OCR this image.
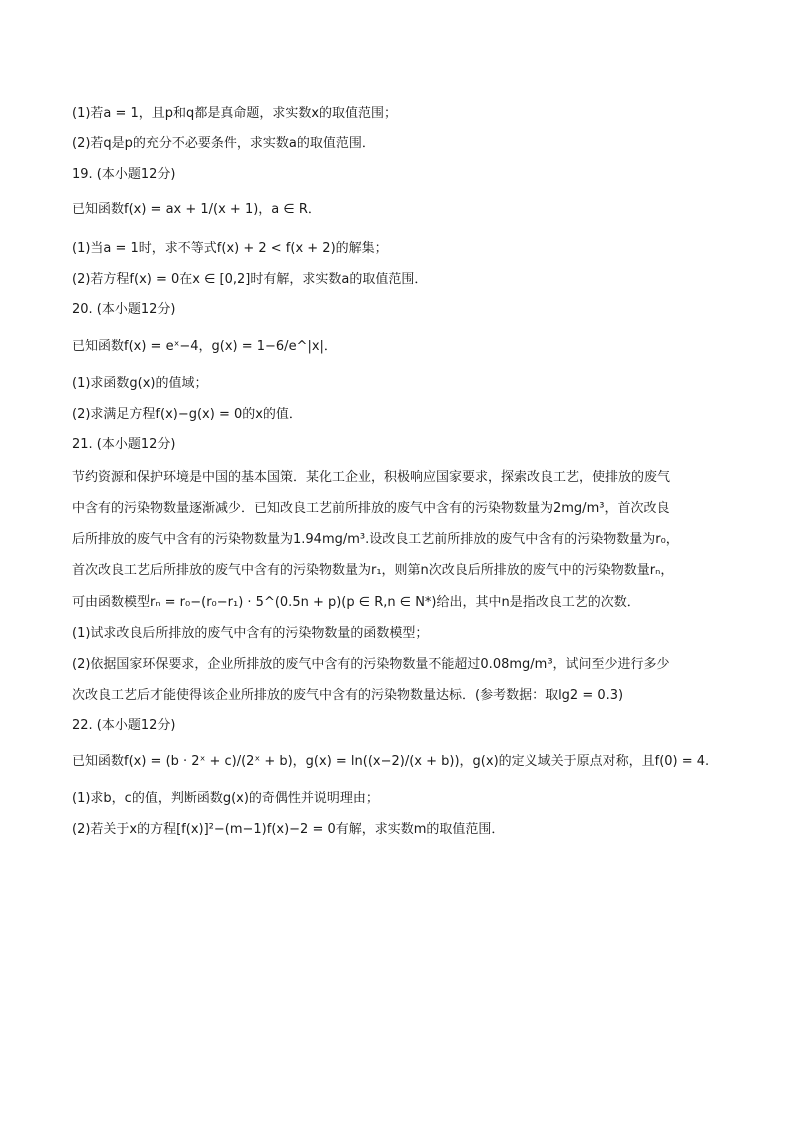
(1)若a = 1，且p和q都是真命题，求实数x的取值范围；
(2)若q是p的充分不必要条件，求实数a的取值范围．
19. (本小题12分)
已知函数f(x) = ax + 1/(x + 1)，a ∈ R．
(1)当a = 1时，求不等式f(x) + 2 < f(x + 2)的解集；
(2)若方程f(x) = 0在x ∈ [0,2]时有解，求实数a的取值范围．
20. (本小题12分)
已知函数f(x) = eˣ−4，g(x) = 1−6/e^|x|．
(1)求函数g(x)的值域；
(2)求满足方程f(x)−g(x) = 0的x的值．
21. (本小题12分)
节约资源和保护环境是中国的基本国策．某化工企业，积极响应国家要求，探索改良工艺，使排放的废气
中含有的污染物数量逐渐减少．已知改良工艺前所排放的废气中含有的污染物数量为2mg/m³，首次改良
后所排放的废气中含有的污染物数量为1.94mg/m³.设改良工艺前所排放的废气中含有的污染物数量为r₀，
首次改良工艺后所排放的废气中含有的污染物数量为r₁，则第n次改良后所排放的废气中的污染物数量rₙ，
可由函数模型rₙ = r₀−(r₀−r₁) · 5^(0.5n + p)(p ∈ R,n ∈ N*)给出，其中n是指改良工艺的次数．
(1)试求改良后所排放的废气中含有的污染物数量的函数模型；
(2)依据国家环保要求，企业所排放的废气中含有的污染物数量不能超过0.08mg/m³，试问至少进行多少
次改良工艺后才能使得该企业所排放的废气中含有的污染物数量达标．(参考数据：取lg2 = 0.3)
22. (本小题12分)
已知函数f(x) = (b · 2ˣ + c)/(2ˣ + b)，g(x) = ln((x−2)/(x + b))，g(x)的定义域关于原点对称，且f(0) = 4.
(1)求b，c的值，判断函数g(x)的奇偶性并说明理由；
(2)若关于x的方程[f(x)]²−(m−1)f(x)−2 = 0有解，求实数m的取值范围．
